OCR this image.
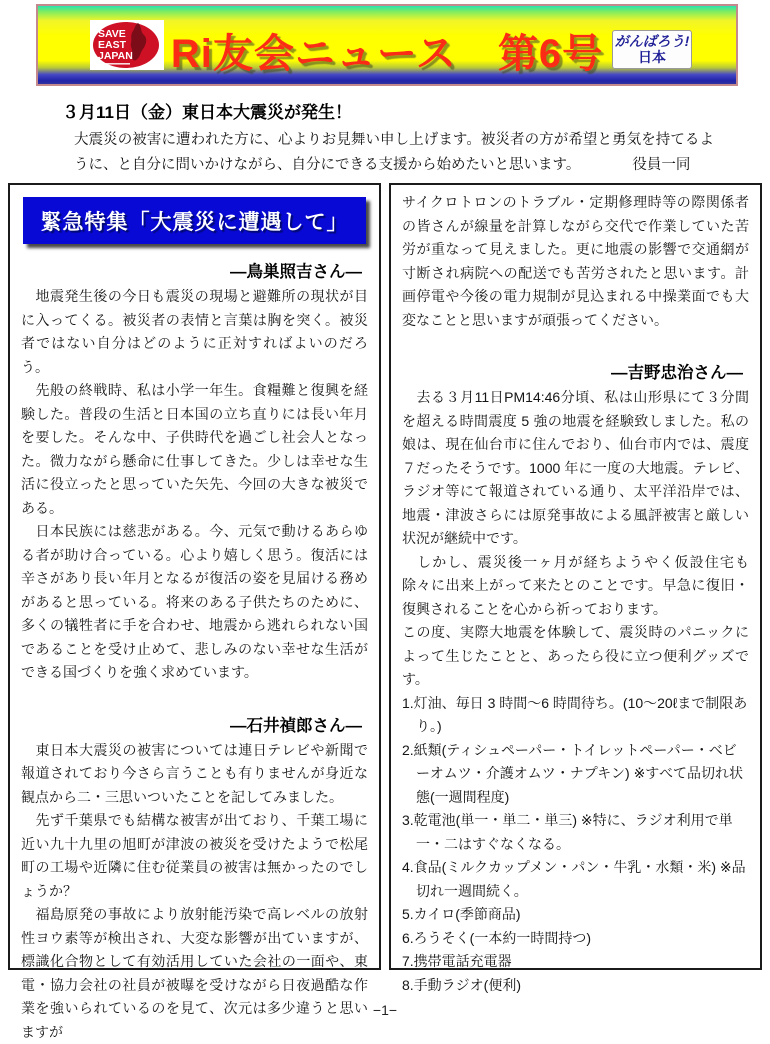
SAVE
EAST
JAPAN Ri友会ニュース　第6号 がんばろう!
日本
３月11日（金）東日本大震災が発生！

大震災の被害に遭われた方に、心よりお見舞い申し上げます。被災者の方が希望と勇気を持てるように、と自分に問いかけながら、自分にできる支援から始めたいと思います。	役員一同

緊急特集「大震災に遭遇して」
―鳥巣照吉さん―

　地震発生後の今日も震災の現場と避難所の現状が目に入ってくる。被災者の表情と言葉は胸を突く。被災者ではない自分はどのように正対すればよいのだろう。

　先般の終戦時、私は小学一年生。食糧難と復興を経験した。普段の生活と日本国の立ち直りには長い年月を要した。そんな中、子供時代を過ごし社会人となった。微力ながら懸命に仕事してきた。少しは幸せな生活に役立ったと思っていた矢先、今回の大きな被災である。

　日本民族には慈悲がある。今、元気で動けるあらゆる者が助け合っている。心より嬉しく思う。復活には辛さがあり長い年月となるが復活の姿を見届ける務めがあると思っている。将来のある子供たちのために、多くの犠牲者に手を合わせ、地震から逃れられない国であることを受け止めて、悲しみのない幸せな生活ができる国づくりを強く求めています。

―石井禎郎さん―

　東日本大震災の被害については連日テレビや新聞で報道されており今さら言うことも有りませんが身近な観点から二・三思いついたことを記してみました。

　先ず千葉県でも結構な被害が出ており、千葉工場に近い九十九里の旭町が津波の被災を受けたようで松尾町の工場や近隣に住む従業員の被害は無かったのでしょうか？

　福島原発の事故により放射能汚染で高レベルの放射性ヨウ素等が検出され、大変な影響が出ていますが、標識化合物として有効活用していた会社の一面や、東電・協力会社の社員が被曝を受けながら日夜過酷な作業を強いられているのを見て、次元は多少違うと思いますが

サイクロトロンのトラブル・定期修理時等の際関係者の皆さんが線量を計算しながら交代で作業していた苦労が重なって見えました。更に地震の影響で交通網が寸断され病院への配送でも苦労されたと思います。計画停電や今後の電力規制が見込まれる中操業面でも大変なことと思いますが頑張ってください。

―吉野忠治さん―

　去る３月11日PM14:46分頃、私は山形県にて３分間を超える時間震度 5 強の地震を経験致しました。私の娘は、現在仙台市に住んでおり、仙台市内では、震度７だったそうです。1000 年に一度の大地震。テレビ、ラジオ等にて報道されている通り、太平洋沿岸では、地震・津波さらには原発事故による風評被害と厳しい状況が継続中です。

　しかし、震災後一ヶ月が経ちようやく仮設住宅も除々に出来上がって来たとのことです。早急に復旧・復興されることを心から祈っております。

この度、実際大地震を体験して、震災時のパニックによって生じたことと、あったら役に立つ便利グッズです。

1.灯油、毎日 3 時間〜6 時間待ち。(10〜20ℓまで制限あり。)
2.紙類(ティシュペーパー・トイレットペーパー・ベビーオムツ・介護オムツ・ナプキン) ※すべて品切れ状態(一週間程度)
3.乾電池(単一・単二・単三) ※特に、ラジオ利用で単一・二はすぐなくなる。
4.食品(ミルクカップメン・パン・牛乳・水類・米) ※品切れ一週間続く。
5.カイロ(季節商品)
6.ろうそく(一本約一時間持つ)
7.携帯電話充電器
8.手動ラジオ(便利)
−1−
